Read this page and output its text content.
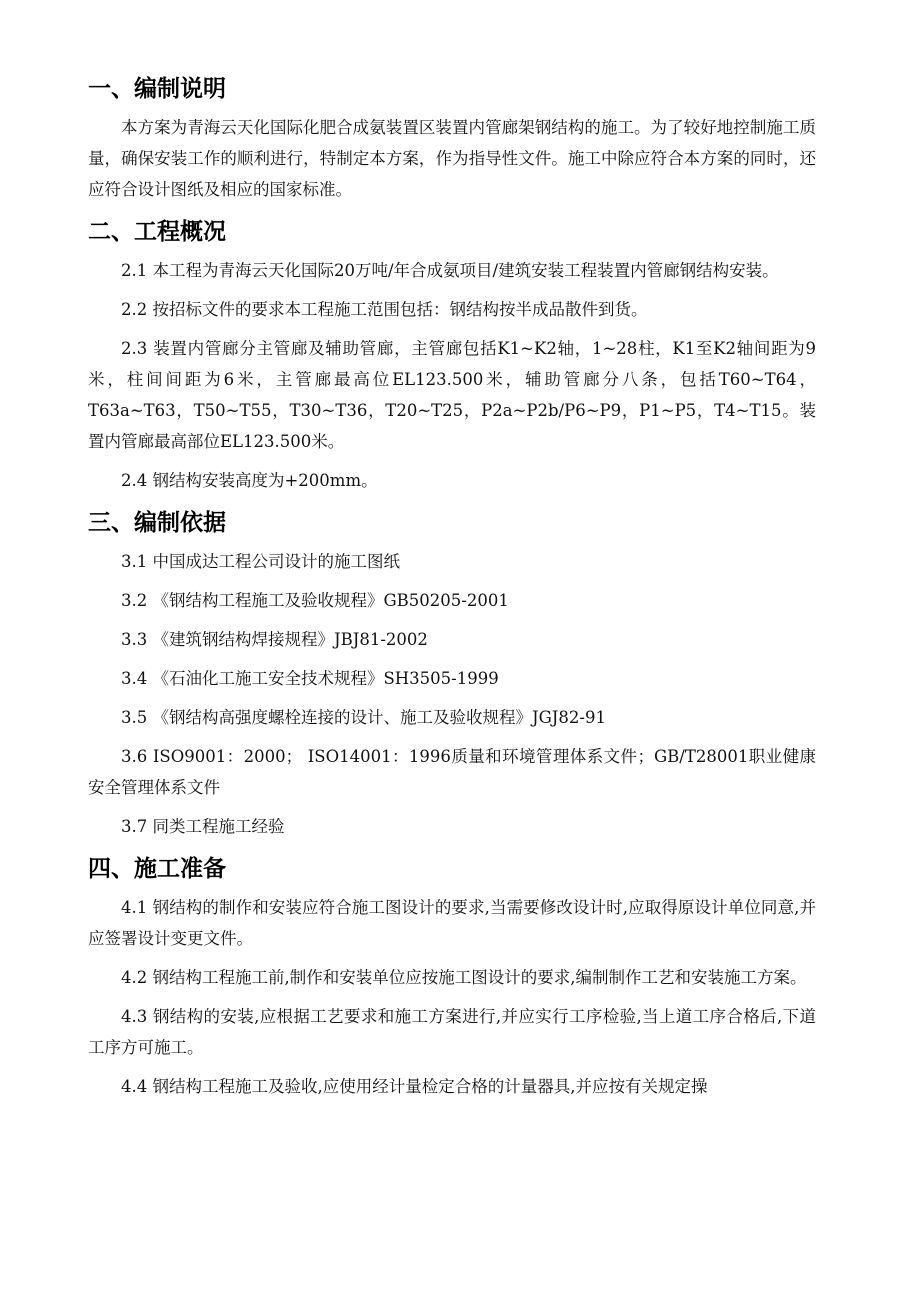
一、编制说明

本方案为青海云天化国际化肥合成氨装置区装置内管廊架钢结构的施工。为了较好地控制施工质量，确保安装工作的顺利进行，特制定本方案，作为指导性文件。施工中除应符合本方案的同时，还应符合设计图纸及相应的国家标准。

二、工程概况

2.1 本工程为青海云天化国际20万吨/年合成氨项目/建筑安装工程装置内管廊钢结构安装。

2.2 按招标文件的要求本工程施工范围包括：钢结构按半成品散件到货。

2.3 装置内管廊分主管廊及辅助管廊，主管廊包括K1~K2轴，1~28柱，K1至K2轴间距为9米，柱间间距为6米，主管廊最高位EL123.500米，辅助管廊分八条，包括T60~T64，T63a~T63，T50~T55，T30~T36，T20~T25，P2a~P2b/P6~P9，P1~P5，T4~T15。装置内管廊最高部位EL123.500米。

2.4 钢结构安装高度为+200mm。

三、编制依据

3.1 中国成达工程公司设计的施工图纸

3.2 《钢结构工程施工及验收规程》GB50205-2001

3.3 《建筑钢结构焊接规程》JBJ81-2002

3.4 《石油化工施工安全技术规程》SH3505-1999

3.5 《钢结构高强度螺栓连接的设计、施工及验收规程》JGJ82-91

3.6 ISO9001：2000； ISO14001：1996质量和环境管理体系文件；GB/T28001职业健康安全管理体系文件

3.7 同类工程施工经验

四、施工准备

4.1 钢结构的制作和安装应符合施工图设计的要求,当需要修改设计时,应取得原设计单位同意,并应签署设计变更文件。

4.2 钢结构工程施工前,制作和安装单位应按施工图设计的要求,编制制作工艺和安装施工方案。

4.3 钢结构的安装,应根据工艺要求和施工方案进行,并应实行工序检验,当上道工序合格后,下道工序方可施工。

4.4 钢结构工程施工及验收,应使用经计量检定合格的计量器具,并应按有关规定操
